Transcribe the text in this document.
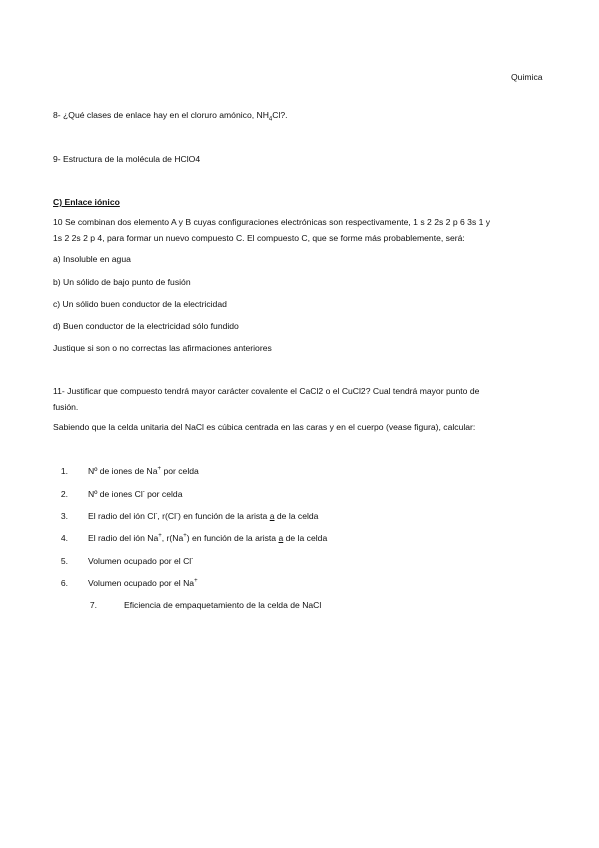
Quimica
8- ¿Qué clases de enlace hay en el cloruro amónico, $NH_4Cl$?.
9- Estructura de la molécula de HClO4
C) Enlace iónico
10 Se combinan dos elemento A y B cuyas configuraciones electrónicas son respectivamente, 1 s 2 2s 2 p 6 3s 1 y
1s 2 2s 2 p 4, para formar un nuevo compuesto C. El compuesto C, que se forme más probablemente, será:
a) Insoluble en agua
b) Un sólido de bajo punto de fusión
c) Un sólido buen conductor de la electricidad
d) Buen conductor de la electricidad sólo fundido
Justique si son o no correctas las afirmaciones anteriores
11- Justificar que compuesto tendrá mayor carácter covalente el CaCl2 o el CuCl2? Cual tendrá mayor punto de
fusión.
Sabiendo que la celda unitaria del NaCl es cúbica centrada en las caras y en el cuerpo (vease figura), calcular:
1. Nº de iones de Na+ por celda
2. Nº de iones Cl- por celda
3. El radio del ión Cl-, r(Cl-) en función de la arista a de la celda
4. El radio del ión Na+, r(Na+) en función de la arista a de la celda
5. Volumen ocupado por el Cl-
6. Volumen ocupado por el Na+
7.	Eficiencia de empaquetamiento de la celda de NaCl
